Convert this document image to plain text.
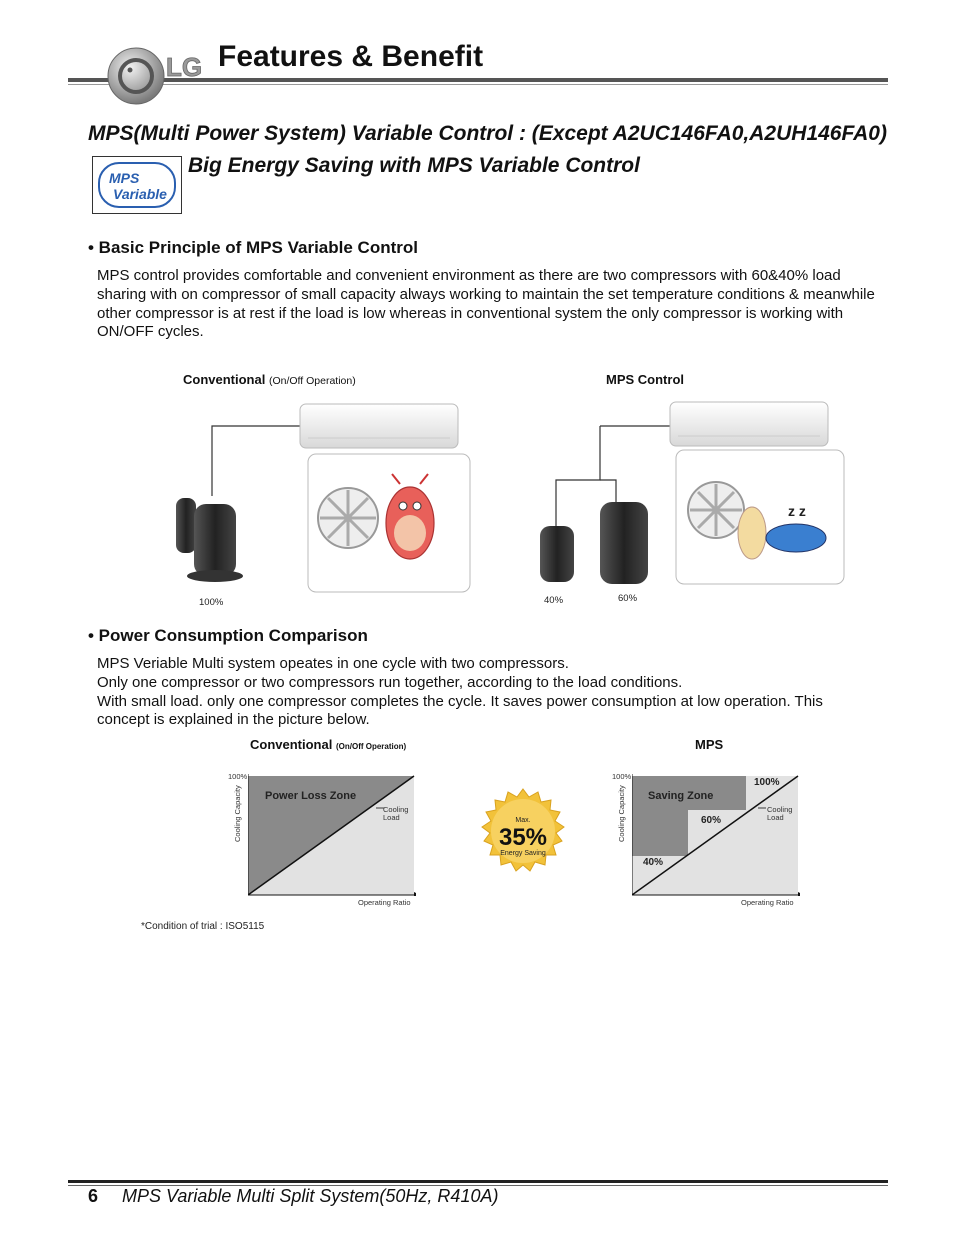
LG Features & Benefit
MPS(Multi Power System) Variable Control : (Except A2UC146FA0,A2UH146FA0)
Big Energy Saving with MPS Variable Control
MPS
Variable
• Basic Principle of MPS Variable Control

MPS control provides comfortable and convenient environment as there are two compressors with 60&40% load sharing with on compressor of small capacity always working to maintain the set temperature conditions & meanwhile other compressor is at rest if the load is low whereas in conventional system the only compressor is working with ON/OFF cycles.

Conventional (On/Off Operation)	MPS Control
100%
z z
40%	60%
• Power Consumption Comparison

MPS Veriable Multi system opeates in one cycle with two compressors.

Only one compressor or two compressors run together, according to the load conditions.

With small load. only one compressor completes the cycle. It saves power consumption at low operation. This concept is explained in the picture below.

Conventional (On/Off Operation)	MPS
100%
Cooling Capacity
Operating Ratio
Power Loss Zone
Cooling
Load	Max.
35%
Energy Saving
100%
Cooling Capacity
Operating Ratio
Saving Zone
100%
60%
40%
Cooling
Load
*Condition of trial : ISO5115
6 MPS Variable Multi Split System(50Hz, R410A)
